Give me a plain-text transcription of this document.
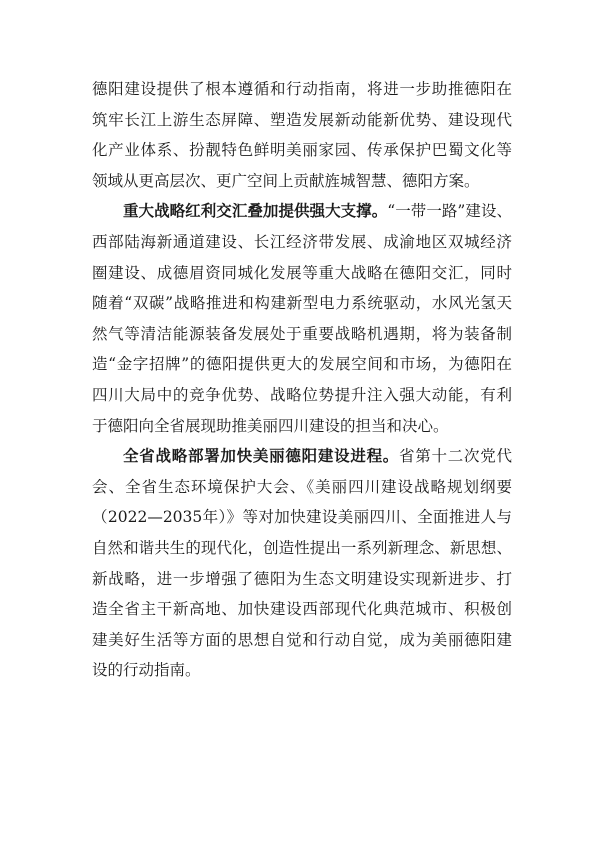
德阳建设提供了根本遵循和行动指南，将进一步助推德阳在
筑牢长江上游生态屏障、塑造发展新动能新优势、建设现代
化产业体系、扮靓特色鲜明美丽家园、传承保护巴蜀文化等
领域从更高层次、更广空间上贡献旌城智慧、德阳方案。
重大战略红利交汇叠加提供强大支撑。“一带一路”建设、
西部陆海新通道建设、长江经济带发展、成渝地区双城经济
圈建设、成德眉资同城化发展等重大战略在德阳交汇，同时
随着“双碳”战略推进和构建新型电力系统驱动，水风光氢天
然气等清洁能源装备发展处于重要战略机遇期，将为装备制
造“金字招牌”的德阳提供更大的发展空间和市场，为德阳在
四川大局中的竞争优势、战略位势提升注入强大动能，有利
于德阳向全省展现助推美丽四川建设的担当和决心。
全省战略部署加快美丽德阳建设进程。省第十二次党代
会、全省生态环境保护大会、《美丽四川建设战略规划纲要
（2022—2035年）》等对加快建设美丽四川、全面推进人与
自然和谐共生的现代化，创造性提出一系列新理念、新思想、
新战略，进一步增强了德阳为生态文明建设实现新进步、打
造全省主干新高地、加快建设西部现代化典范城市、积极创
建美好生活等方面的思想自觉和行动自觉，成为美丽德阳建
设的行动指南。
